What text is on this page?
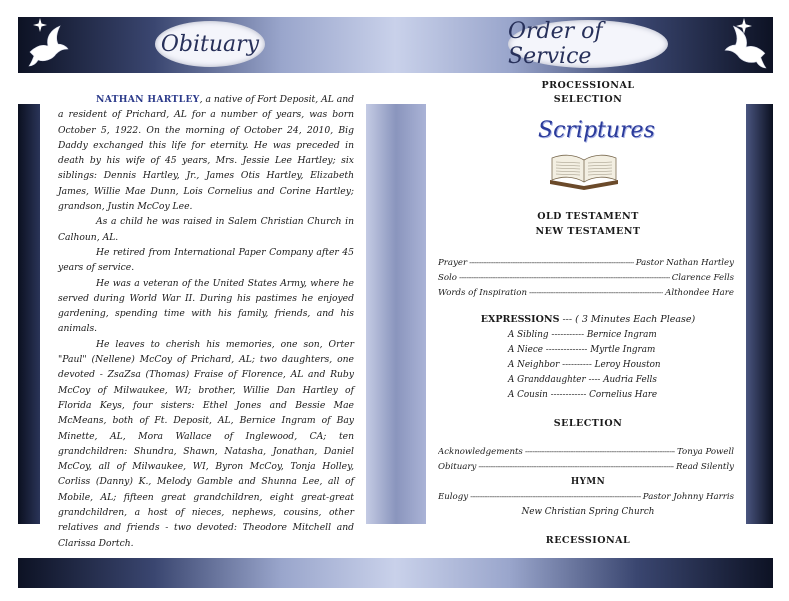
Obituary	Order of Service

NATHAN HARTLEY, a native of Fort Deposit, AL and a resident of Prichard, AL for a number of years, was born October 5, 1922. On the morning of October 24, 2010, Big Daddy exchanged this life for eternity. He was preceded in death by his wife of 45 years, Mrs. Jessie Lee Hartley; six siblings: Dennis Hartley, Jr., James Otis Hartley, Elizabeth James, Willie Mae Dunn, Lois Cornelius and Corine Hartley; grandson, Justin McCoy Lee.

As a child he was raised in Salem Christian Church in Calhoun, AL.

He retired from International Paper Company after 45 years of service.

He was a veteran of the United States Army, where he served during World War II. During his pastimes he enjoyed gardening, spending time with his family, friends, and his animals.

He leaves to cherish his memories, one son, Orter "Paul" (Nellene) McCoy of Prichard, AL; two daughters, one devoted - ZsaZsa (Thomas) Fraise of Florence, AL and Ruby McCoy of Milwaukee, WI; brother, Willie Dan Hartley of Florida Keys, four sisters: Ethel Jones and Bessie Mae McMeans, both of Ft. Deposit, AL, Bernice Ingram of Bay Minette, AL, Mora Wallace of Inglewood, CA; ten grandchildren: Shundra, Shawn, Natasha, Jonathan, Daniel McCoy, all of Milwaukee, WI, Byron McCoy, Tonja Holley, Corliss (Danny) K., Melody Gamble and Shunna Lee, all of Mobile, AL; fifteen great grandchildren, eight great-great grandchildren, a host of nieces, nephews, cousins, other relatives and friends - two devoted: Theodore Mitchell and Clarissa Dortch.

PROCESSIONAL
SELECTION
Scriptures
OLD TESTAMENT
NEW TESTAMENT
Prayer -----	Pastor Nathan Hartley
Solo -----	Clarence Fells
Words of Inspiration -----	Althondee Hare
EXPRESSIONS --- ( 3 Minutes Each Please)
A Sibling ----------- Bernice Ingram
A Niece -------------- Myrtle Ingram
A Neighbor ---------- Leroy Houston
A Granddaughter ---- Audria Fells
A Cousin ------------ Cornelius Hare
SELECTION
Acknowledgements -----	Tonya Powell
Obituary -----	Read Silently
HYMN
Eulogy -----	Pastor Johnny Harris
New Christian Spring Church
RECESSIONAL
